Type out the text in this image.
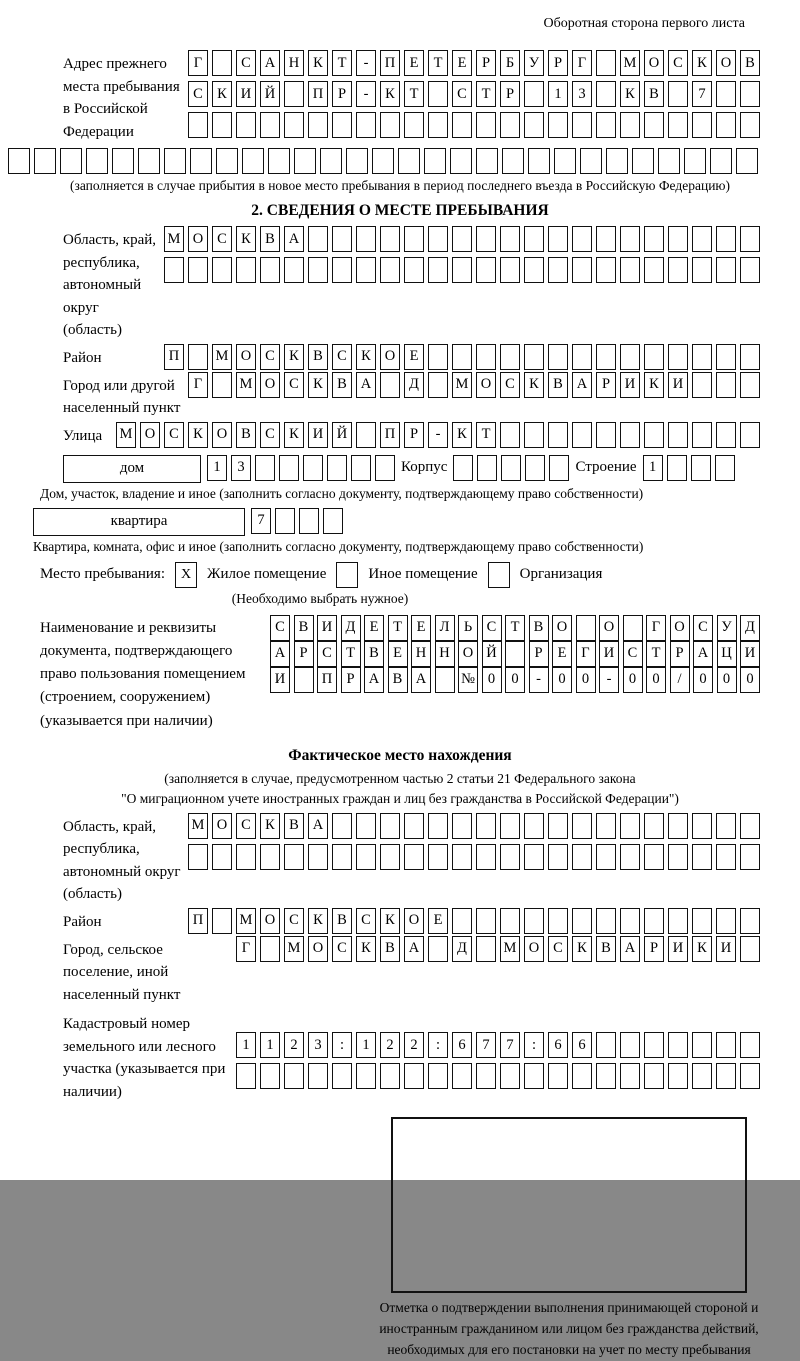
Оборотная сторона первого листа
Адрес прежнего места пребывания в Российской Федерации
Г	С А Н К	Т	-	П Е	Т	Е	Р	Б	У	Р	Г	М О С К О В
С К И Й	П	Р	-	К	Т	С	Т	Р	1	3	К В	7
(заполняется в случае прибытия в новое место пребывания в период последнего въезда в Российскую Федерацию)
2. СВЕДЕНИЯ О МЕСТЕ ПРЕБЫВАНИЯ
Область, край, республика, автономный округ (область)
М О С К В А
Район	П	М О С К В С К О Е
Город или другой населенный пункт
Г	М О С К В А	Д	М О С К В А	Р	И К И
Улица	М О С К О В С К И Й	П	Р	-	К	Т
дом	1	3	Корпус	Строение 1
Дом, участок, владение и иное (заполнить согласно документу, подтверждающему право собственности)
квартира	7
Квартира, комната, офис и иное (заполнить согласно документу, подтверждающему право собственности)
Место пребывания:	X	Жилое помещение	Иное помещение	Организация
(Необходимо выбрать нужное)
Наименование и реквизиты документа, подтверждающего право пользования помещением (строением, сооружением) (указывается при наличии)
С В И Д Е	Т	Е Л Ь	С Т В О	О	Г О С У Д
А Р	С Т В Е Н Н О Й	Р	Е	Г И С Т	Р А Ц И
И	П Р А В А	№ 0	0	-	0	0	-	0	0	/	0	0	0
Фактическое место нахождения
(заполняется в случае, предусмотренном частью 2 статьи 21 Федерального закона
"О миграционном учете иностранных граждан и лиц без гражданства в Российской Федерации")
Область, край, республика, автономный округ (область)
М О С К В А
Район	П	М О С К В С К О Е
Город, сельское поселение, иной населенный пункт
Г	М О С К В А	Д	М О С К В А	Р	И К И
Кадастровый номер земельного или лесного участка (указывается при наличии)
1	1	2	3	:	1	2	2	:	6	7	7	:	6	6
Отметка о подтверждении выполнения принимающей стороной и иностранным гражданином или лицом без гражданства действий, необходимых для его постановки на учет по месту пребывания
